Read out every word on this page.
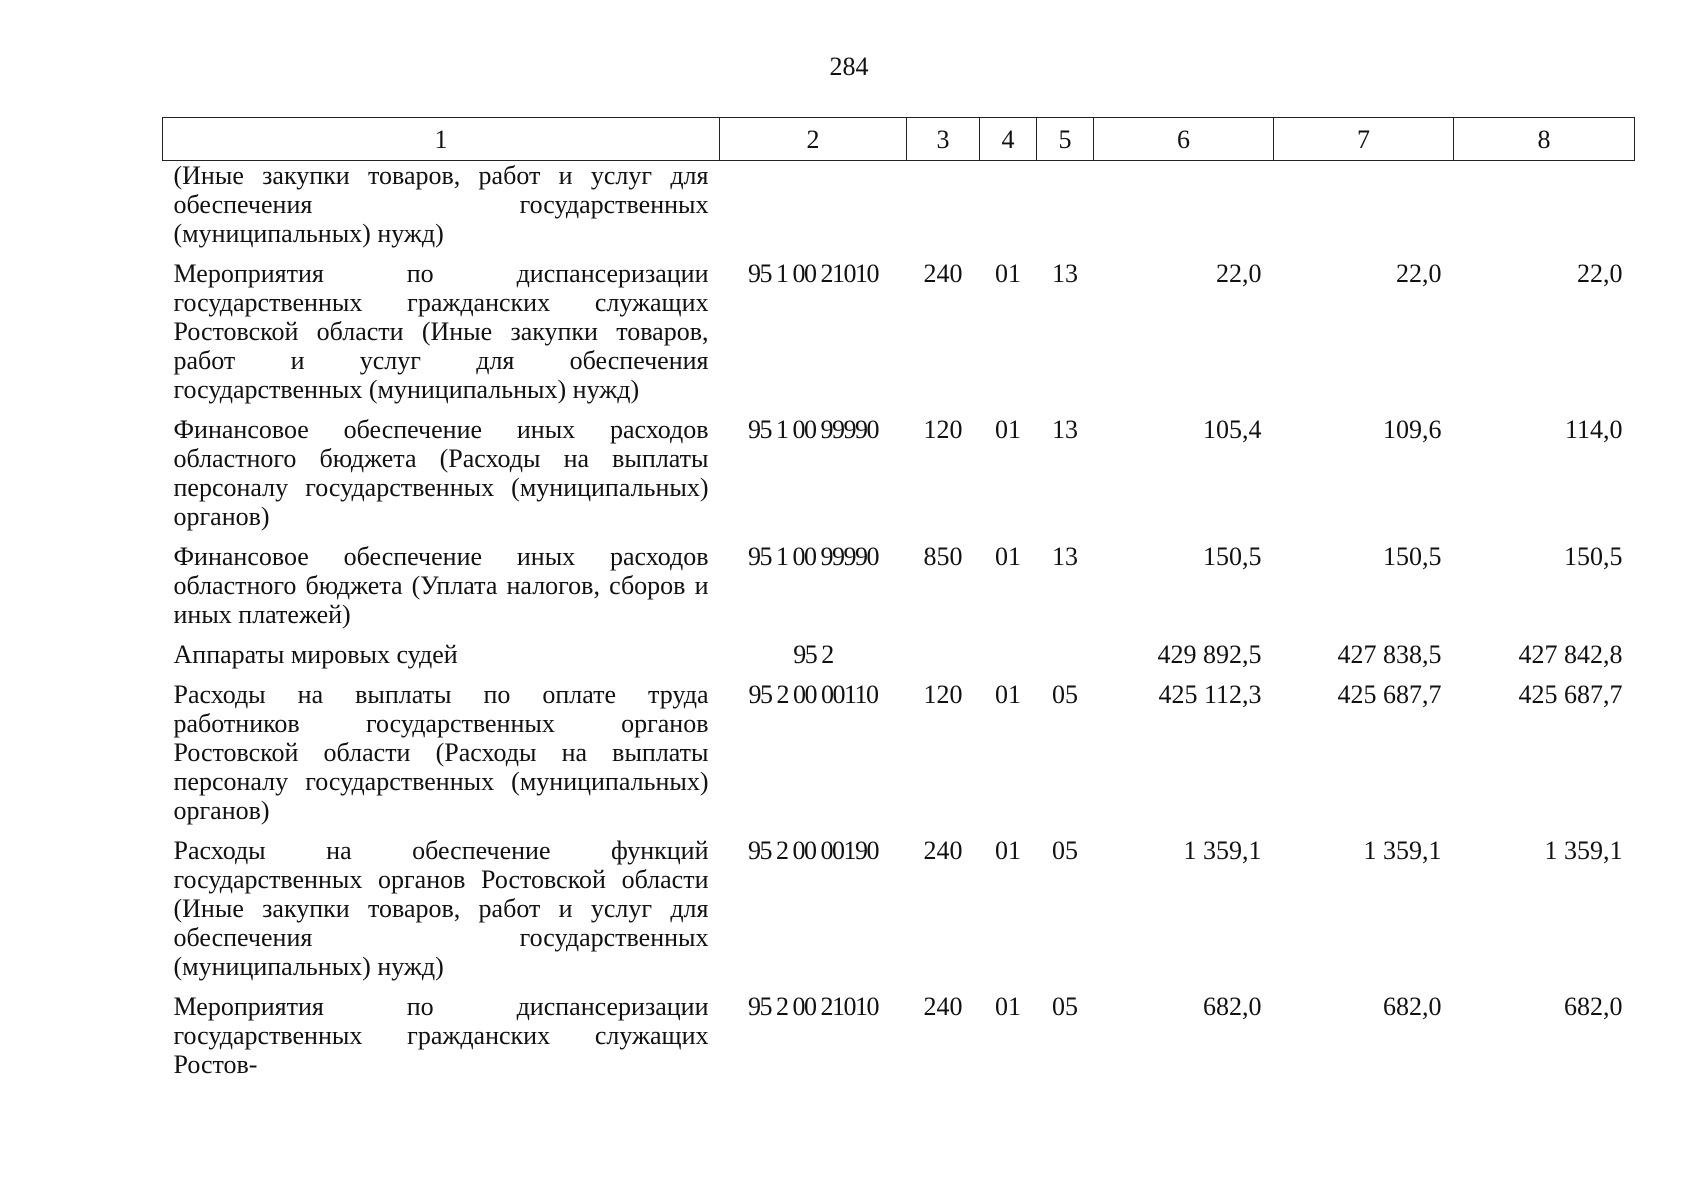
284
1	2	3	4	5	6	7	8
(Иные закупки товаров, работ и услуг для обеспечения государственных (муниципальных) нужд)							
Мероприятия по диспансеризации государственных гражданских служащих Ростовской области (Иные закупки товаров, работ и услуг для обеспечения государственных (муниципальных) нужд)	95 1 00 21010	240	01	13	22,0	22,0	22,0
Финансовое обеспечение иных расходов областного бюджета (Расходы на выплаты персоналу государственных (муниципальных) органов)	95 1 00 99990	120	01	13	105,4	109,6	114,0
Финансовое обеспечение иных расходов областного бюджета (Уплата налогов, сборов и иных платежей)	95 1 00 99990	850	01	13	150,5	150,5	150,5
Аппараты мировых судей	95 2				429 892,5	427 838,5	427 842,8
Расходы на выплаты по оплате труда работников государственных органов Ростовской области (Расходы на выплаты персоналу государственных (муниципальных) органов)	95 2 00 00110	120	01	05	425 112,3	425 687,7	425 687,7
Расходы на обеспечение функций государственных органов Ростовской области (Иные закупки товаров, работ и услуг для обеспечения государственных (муниципальных) нужд)	95 2 00 00190	240	01	05	1 359,1	1 359,1	1 359,1
Мероприятия по диспансеризации государственных гражданских служащих Ростов-	95 2 00 21010	240	01	05	682,0	682,0	682,0
